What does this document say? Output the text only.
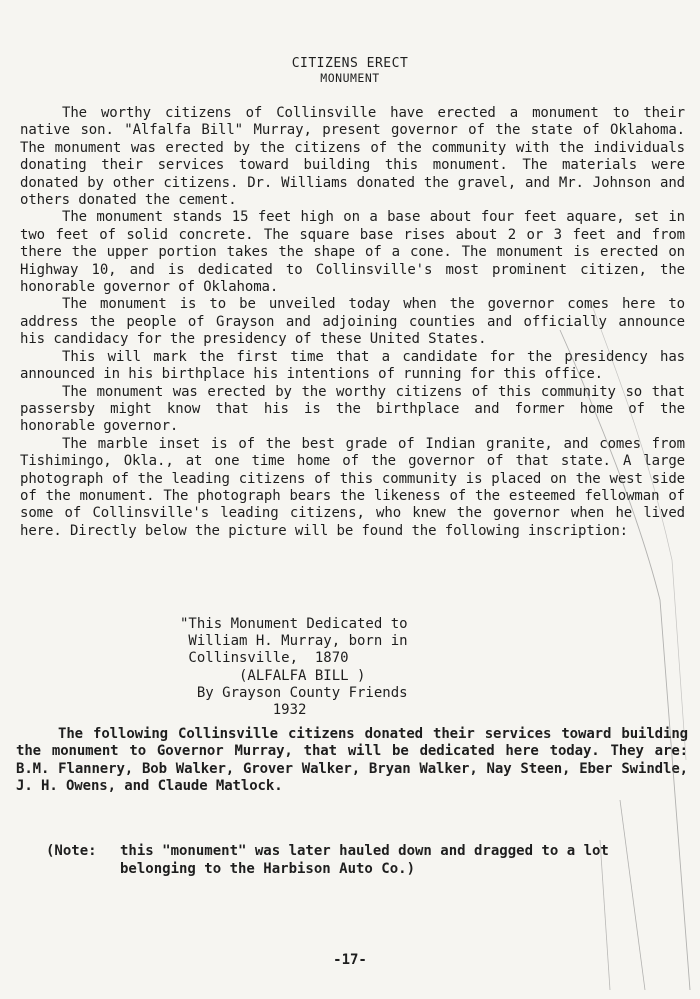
CITIZENS ERECT
MONUMENT

The worthy citizens of Collinsville have erected a monument to their native son. "Alfalfa Bill" Murray, present governor of the state of Oklahoma. The monument was erected by the citizens of the community with the individuals donating their services toward building this monument. The materials were donated by other citizens. Dr. Williams donated the gravel, and Mr. Johnson and others donated the cement.

The monument stands 15 feet high on a base about four feet aquare, set in two feet of solid concrete. The square base rises about 2 or 3 feet and from there the upper portion takes the shape of a cone. The monument is erected on Highway 10, and is dedicated to Collinsville's most prominent citizen, the honorable governor of Oklahoma.

The monument is to be unveiled today when the governor comes here to address the people of Grayson and adjoining counties and officially announce his candidacy for the presidency of these United States.

This will mark the first time that a candidate for the presidency has announced in his birthplace his intentions of running for this office.

The monument was erected by the worthy citizens of this community so that passersby might know that his is the birthplace and former home of the honorable governor.

The marble inset is of the best grade of Indian granite, and comes from Tishimingo, Okla., at one time home of the governor of that state. A large photograph of the leading citizens of this community is placed on the west side of the monument. The photograph bears the likeness of the esteemed fellowman of some of Collinsville's leading citizens, who knew the governor when he lived here. Directly below the picture will be found the following inscription:

"This Monument Dedicated to
William H. Murray, born in
Collinsville,  1870
(ALFALFA BILL )
By Grayson County Friends
1932

The following Collinsville citizens donated their services toward building the monument to Governor Murray, that will be dedicated here today. They are: B.M. Flannery, Bob Walker, Grover Walker, Bryan Walker, Nay Steen, Eber Swindle, J. H. Owens, and Claude Matlock.

(Note:	this "monument" was later hauled down and dragged to a lot belonging to the Harbison Auto Co.)
-17-
